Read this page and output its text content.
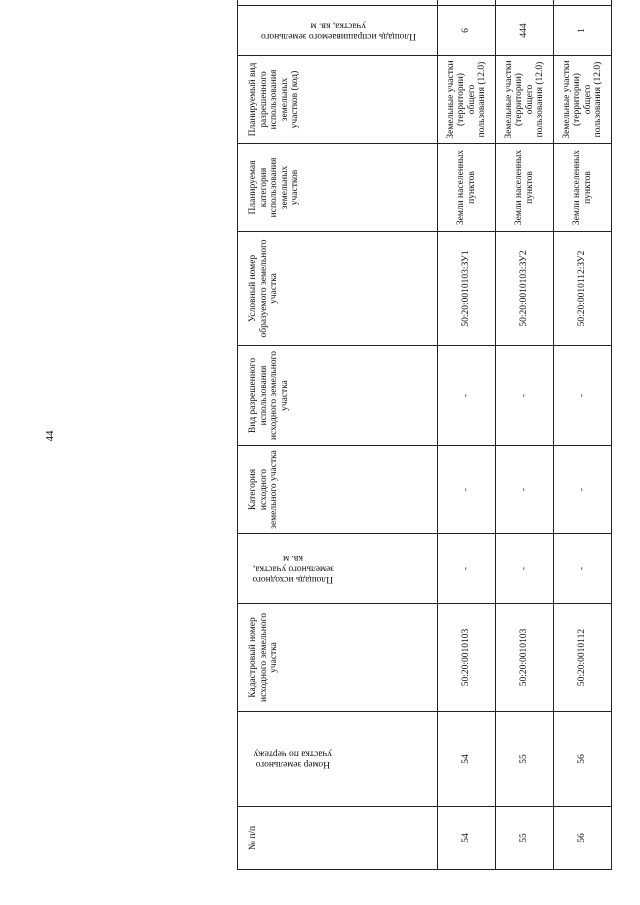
44
№ п/п	Номер земельного участка по чертежу	Кадастровый номер исходного земельного участка	Площадь исходного земельного участка, кв. м	Категория исходного земельного участка	Вид разрешенного использования исходного земельного участка	Условный номер образуемого земельного участка	Планируемая категория использования земельных участков	Планируемый вид разрешенного использования земельных участков (код)	Площадь испрашиваемого земельного участка, кв. м

54	54	50:20:0010103	-	-	-	50:20:0010103:ЗУ1	Земли населенных пунктов	Земельные участки (территории) общего пользования (12.0)	6	
55	55	50:20:0010103	-	-	-	50:20:0010103:ЗУ2	Земли населенных пунктов	Земельные участки (территории) общего пользования (12.0)	444	
56	56	50:20:0010112	-	-	-	50:20:0010112:ЗУ2	Земли населенных пунктов	Земельные участки (территории) общего пользования (12.0)	1	
